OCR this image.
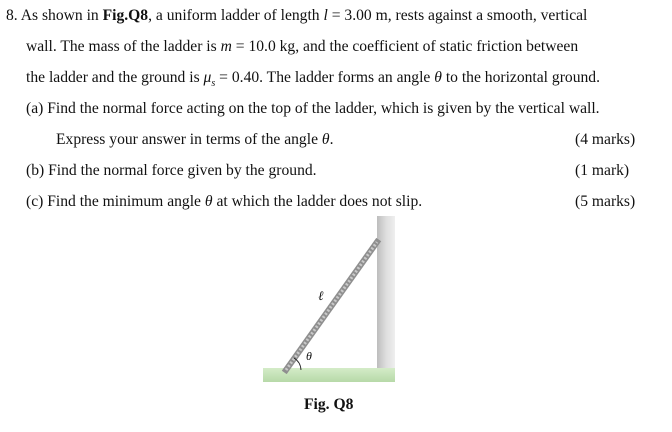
8. As shown in Fig.Q8, a uniform ladder of length l = 3.00 m, rests against a smooth, vertical
wall. The mass of the ladder is m = 10.0 kg, and the coefficient of static friction between
the ladder and the ground is $\mu_s = 0.40$. The ladder forms an angle θ to the horizontal ground.
(a) Find the normal force acting on the top of the ladder, which is given by the vertical wall.
Express your answer in terms of the angle θ.	(4 marks)
(b) Find the normal force given by the ground.	(1 mark)
(c) Find the minimum angle θ at which the ladder does not slip.	(5 marks)
θ
ℓ
Fig. Q8
